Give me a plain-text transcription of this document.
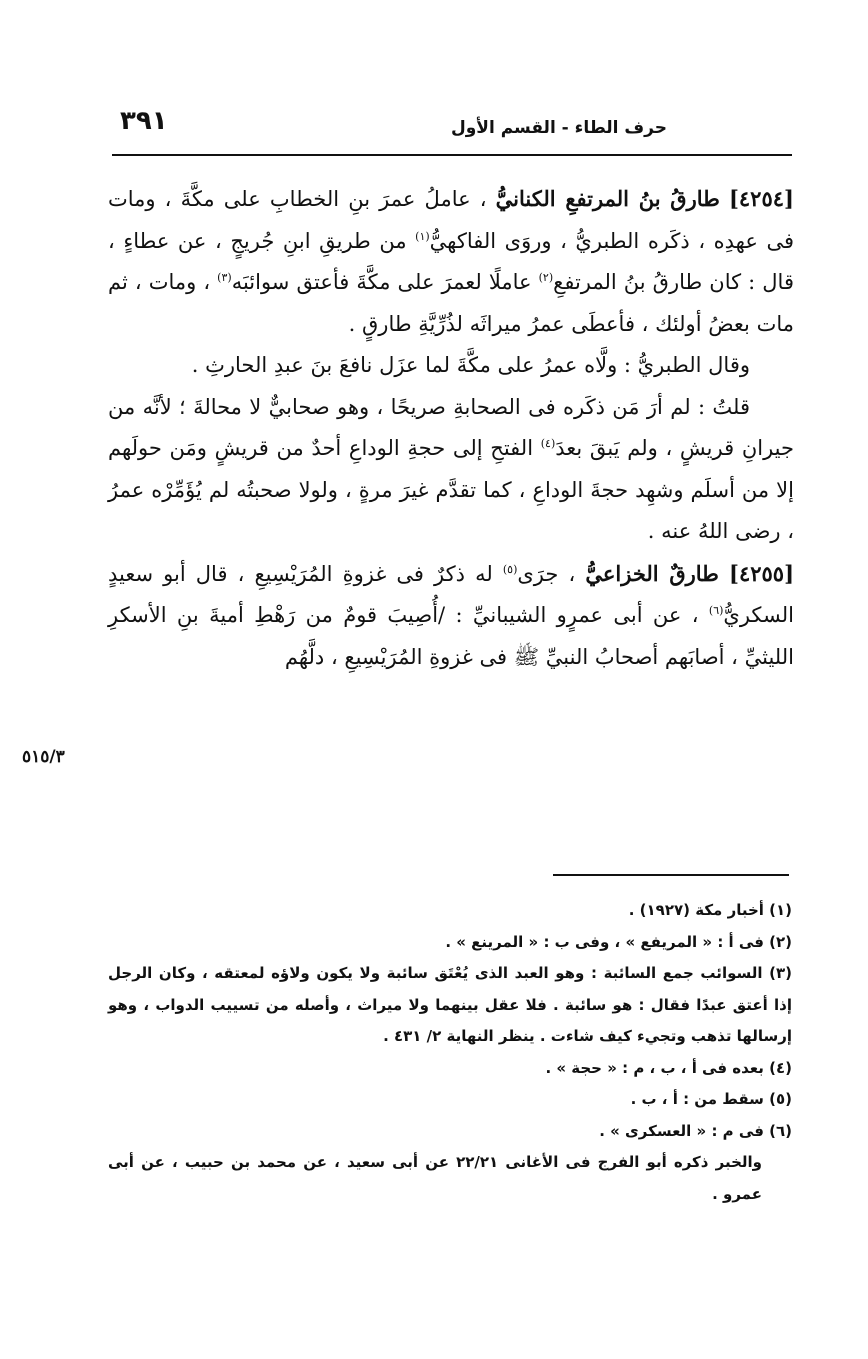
حرف الطاء - القسم الأول
٣٩١

[٤٢٥٤] طارقُ بنُ المرتفعِ الكنانيُّ ، عاملُ عمرَ بنِ الخطابِ على مكَّةَ ، ومات فى عهدِه ، ذكَره الطبريُّ ، وروَى الفاكهيُّ$^{(١)}$ من طريقِ ابنِ جُريجٍ ، عن عطاءٍ ، قال : كان طارقُ بنُ المرتفعِ$^{(٢)}$ عاملًا لعمرَ على مكَّةَ فأعتق سوائبَه$^{(٣)}$ ، ومات ، ثم مات بعضُ أولئك ، فأعطَى عمرُ ميراثَه لذُرِّيَّةِ طارقٍ .

وقال الطبريُّ : ولَّاه عمرُ على مكَّةَ لما عزَل نافعَ بنَ عبدِ الحارثِ .

قلتُ : لم أرَ مَن ذكَره فى الصحابةِ صريحًا ، وهو صحابيٌّ لا محالةَ ؛ لأنَّه من جيرانِ قريشٍ ، ولم يَبقَ بعدَ$^{(٤)}$ الفتحِ إلى حجةِ الوداعِ أحدٌ من قريشٍ ومَن حولَهم إلا من أسلَم وشهِد حجةَ الوداعِ ، كما تقدَّم غيرَ مرةٍ ، ولولا صحبتُه لم يُؤَمِّرْه عمرُ ، رضى اللهُ عنه .

[٤٢٥٥] طارقٌ الخزاعيُّ ، جرَى$^{(٥)}$ له ذكرٌ فى غزوةِ المُرَيْسِيعِ ، قال أبو سعيدٍ السكريُّ$^{(٦)}$ ، عن أبى عمرٍو الشيبانيِّ : /أُصِيبَ قومٌ من رَهْطِ أميةَ بنِ الأسكرِ الليثيِّ ، أصابَهم أصحابُ النبيِّ ﷺ فى غزوةِ المُرَيْسِيعِ ، دلَّهُم

٥١٥/٣

(١) أخبار مكة (١٩٢٧) .

(٢) فى أ : « المريفع » ، وفى ب : « المرينع » .

(٣) السوائب جمع السائبة : وهو العبد الذى يُعْتَق سائبة ولا يكون ولاؤه لمعتقه ، وكان الرجل إذا أعتق عبدًا فقال : هو سائبة . فلا عقل بينهما ولا ميراث ، وأصله من تسييب الدواب ، وهو إرسالها تذهب وتجيء كيف شاءت . ينظر النهاية ٢/ ٤٣١ .

(٤) بعده فى أ ، ب ، م : « حجة » .

(٥) سقط من : أ ، ب .

(٦) فى م : « العسكرى » .

والخبر ذكره أبو الفرج فى الأغانى ٢٢/٢١ عن أبى سعيد ، عن محمد بن حبيب ، عن أبى عمرو .
